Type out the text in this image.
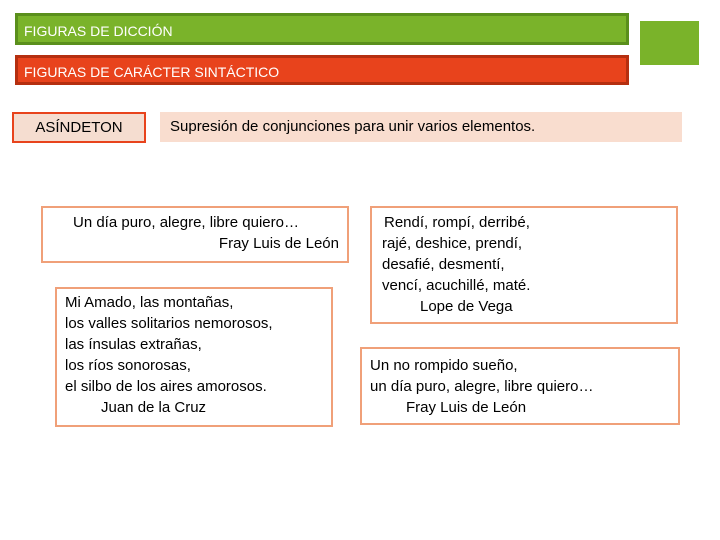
FIGURAS DE DICCIÓN
FIGURAS DE CARÁCTER SINTÁCTICO
ASÍNDETON	Supresión de conjunciones para unir varios elementos.
Un día puro, alegre, libre quiero…
Fray Luis de León
Mi Amado, las montañas,
los valles solitarios nemorosos,
las ínsulas extrañas,
los ríos sonorosas,
el silbo de los aires amorosos.
Juan de la Cruz
Rendí, rompí, derribé,
rajé, deshice, prendí,
desafié, desmentí,
vencí, acuchillé, maté.
Lope de Vega
Un no rompido sueño,
un día puro, alegre, libre quiero…
Fray Luis de León
